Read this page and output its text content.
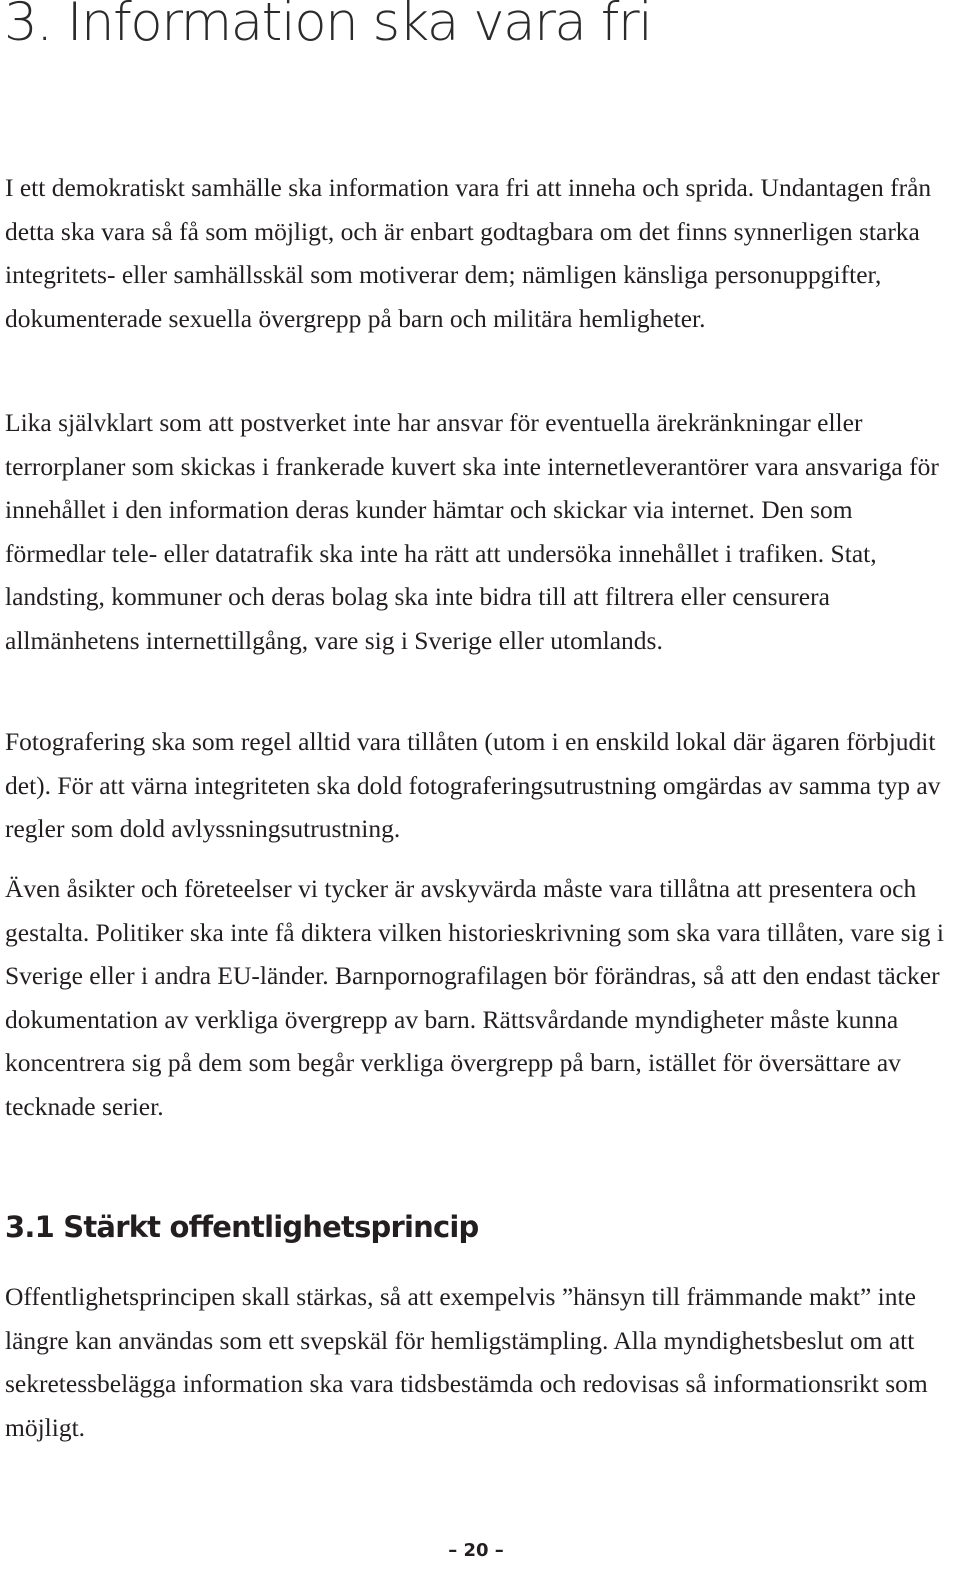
3. Information ska vara fri

I ett demokratiskt samhälle ska information vara fri att inneha och sprida. Undantagen från detta ska vara så få som möjligt, och är enbart godtagbara om det finns synnerligen starka integritets- eller samhällsskäl som motiverar dem; nämligen känsliga personuppgifter, dokumenterade sexuella övergrepp på barn och militära hemligheter.

Lika självklart som att postverket inte har ansvar för eventuella ärekränkningar eller terrorplaner som skickas i frankerade kuvert ska inte internetleverantörer vara ansvariga för innehållet i den information deras kunder hämtar och skickar via internet. Den som förmedlar tele- eller datatrafik ska inte ha rätt att undersöka innehållet i trafiken. Stat, landsting, kommuner och deras bolag ska inte bidra till att filtrera eller censurera allmänhetens internettillgång, vare sig i Sverige eller utomlands.

Fotografering ska som regel alltid vara tillåten (utom i en enskild lokal där ägaren förbjudit det). För att värna integriteten ska dold fotograferingsutrustning omgärdas av samma typ av regler som dold avlyssningsutrustning.

Även åsikter och företeelser vi tycker är avskyvärda måste vara tillåtna att presentera och gestalta. Politiker ska inte få diktera vilken historieskrivning som ska vara tillåten, vare sig i Sverige eller i andra EU-länder. Barnpornografilagen bör förändras, så att den endast täcker dokumentation av verkliga övergrepp av barn. Rättsvårdande myndigheter måste kunna koncentrera sig på dem som begår verkliga övergrepp på barn, istället för översättare av tecknade serier.

3.1 Stärkt offentlighetsprincip

Offentlighetsprincipen skall stärkas, så att exempelvis ”hänsyn till främmande makt” inte längre kan användas som ett svepskäl för hemligstämpling. Alla myndighetsbeslut om att sekretessbelägga information ska vara tidsbestämda och redovisas så informationsrikt som möjligt.

– 20 –
